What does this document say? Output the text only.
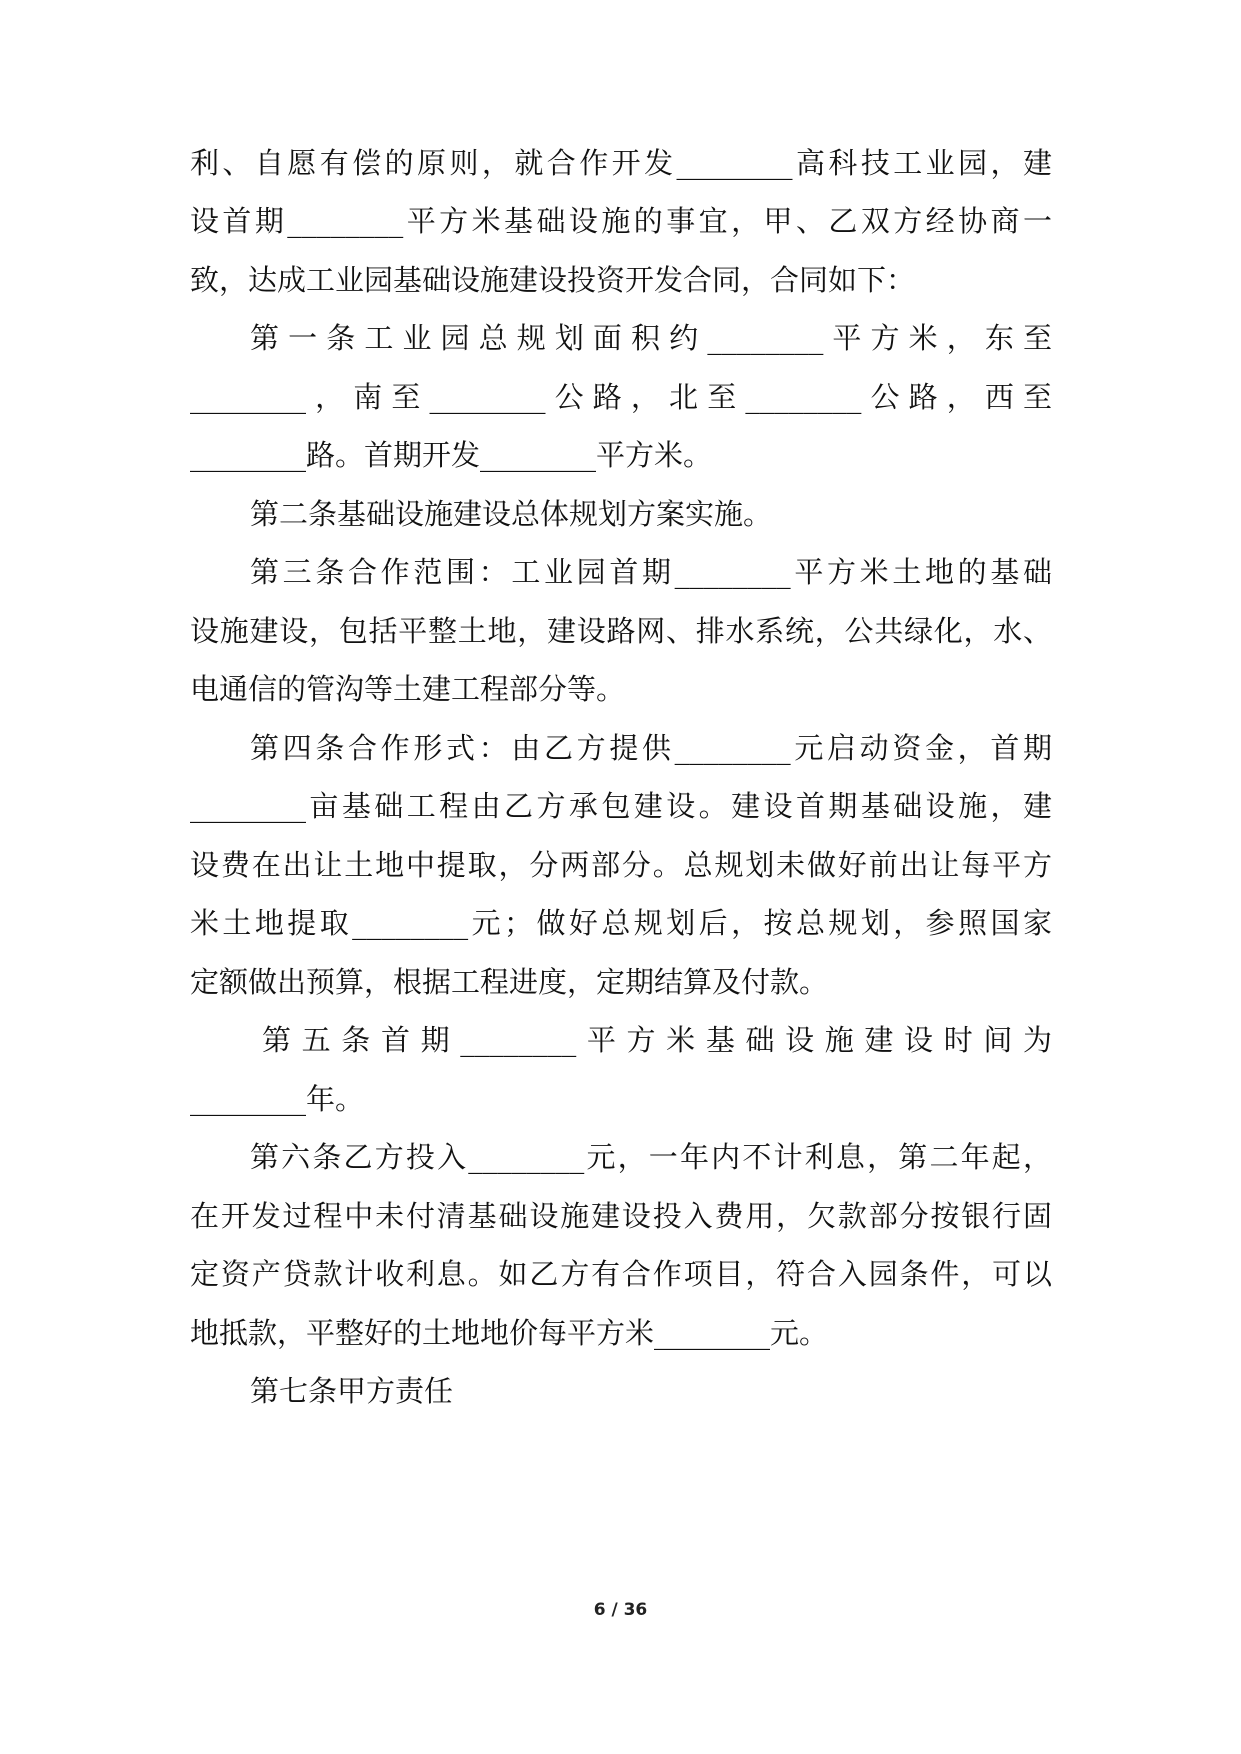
利、自愿有偿的原则，就合作开发________高科技工业园，建
设首期________平方米基础设施的事宜，甲、乙双方经协商一
致，达成工业园基础设施建设投资开发合同，合同如下：
第一条工业园总规划面积约________平方米，东至
________，南至________公路，北至________公路，西至
________路。首期开发________平方米。
第二条基础设施建设总体规划方案实施。
第三条合作范围：工业园首期________平方米土地的基础
设施建设，包括平整土地，建设路网、排水系统，公共绿化，水、
电通信的管沟等土建工程部分等。
第四条合作形式：由乙方提供________元启动资金，首期
________亩基础工程由乙方承包建设。建设首期基础设施，建
设费在出让土地中提取，分两部分。总规划未做好前出让每平方
米土地提取________元；做好总规划后，按总规划，参照国家
定额做出预算，根据工程进度，定期结算及付款。
第五条首期________平方米基础设施建设时间为
________年。
第六条乙方投入________元，一年内不计利息，第二年起，
在开发过程中未付清基础设施建设投入费用，欠款部分按银行固
定资产贷款计收利息。如乙方有合作项目，符合入园条件，可以
地抵款，平整好的土地地价每平方米________元。
第七条甲方责任
6 / 36
